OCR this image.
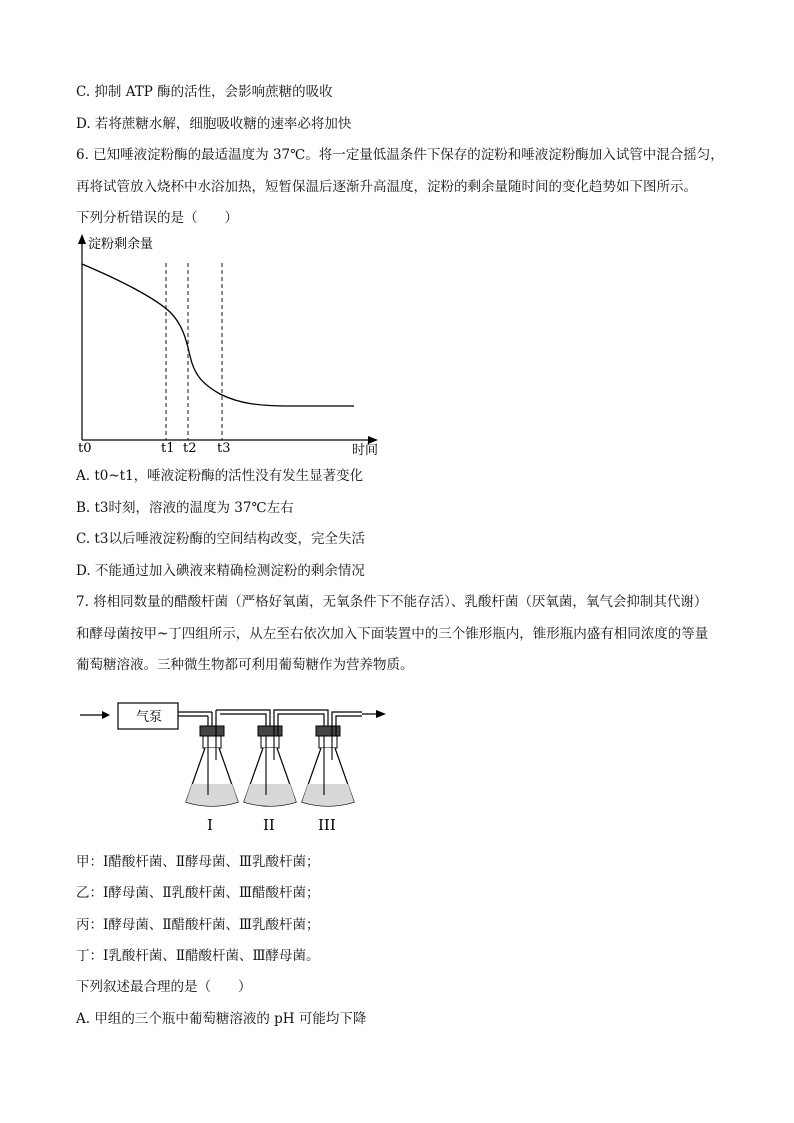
C. 抑制 ATP 酶的活性，会影响蔗糖的吸收
D. 若将蔗糖水解，细胞吸收糖的速率必将加快
6. 已知唾液淀粉酶的最适温度为 37℃。将一定量低温条件下保存的淀粉和唾液淀粉酶加入试管中混合摇匀，
再将试管放入烧杯中水浴加热，短暂保温后逐渐升高温度，淀粉的剩余量随时间的变化趋势如下图所示。
下列分析错误的是（　　）
淀粉剩余量
时间
t0	t1 t2 t3
A. t0~t1，唾液淀粉酶的活性没有发生显著变化
B. t3时刻，溶液的温度为 37℃左右
C. t3以后唾液淀粉酶的空间结构改变，完全失活
D. 不能通过加入碘液来精确检测淀粉的剩余情况
7. 将相同数量的醋酸杆菌（严格好氧菌，无氧条件下不能存活）、乳酸杆菌（厌氧菌，氧气会抑制其代谢）
和酵母菌按甲~丁四组所示，从左至右依次加入下面装置中的三个锥形瓶内，锥形瓶内盛有相同浓度的等量
葡萄糖溶液。三种微生物都可利用葡萄糖作为营养物质。
气泵
I	II	III
甲：Ⅰ醋酸杆菌、Ⅱ酵母菌、Ⅲ乳酸杆菌；
乙：Ⅰ酵母菌、Ⅱ乳酸杆菌、Ⅲ醋酸杆菌；
丙：Ⅰ酵母菌、Ⅱ醋酸杆菌、Ⅲ乳酸杆菌；
丁：Ⅰ乳酸杆菌、Ⅱ醋酸杆菌、Ⅲ酵母菌。
下列叙述最合理的是（　　）
A. 甲组的三个瓶中葡萄糖溶液的 pH 可能均下降
